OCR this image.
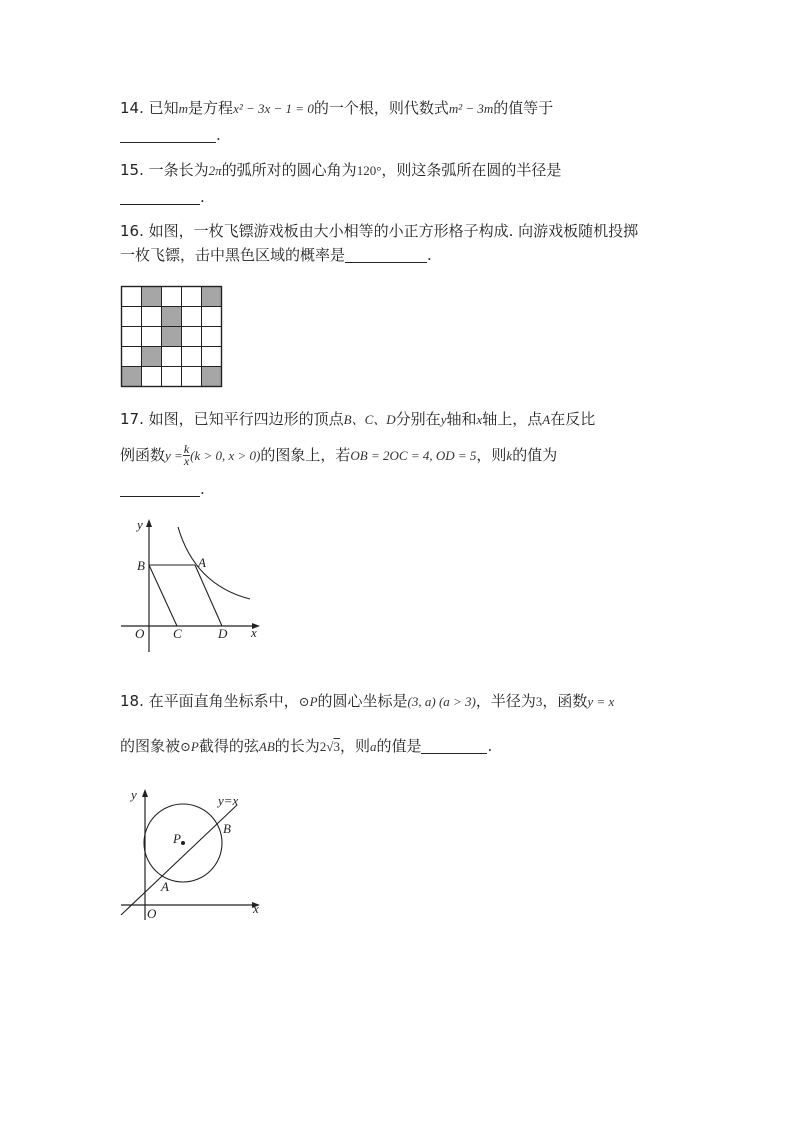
14. 已知m是方程x² − 3x − 1 = 0的一个根，则代数式m² − 3m的值等于
.
15. 一条长为2π的弧所对的圆心角为120°，则这条弧所在圆的半径是
.
16. 如图，一枚飞镖游戏板由大小相等的小正方形格子构成. 向游戏板随机投掷
一枚飞镖，击中黑色区域的概率是	.
17. 如图，已知平行四边形的顶点B、C、D分别在y轴和x轴上，点A在反比
例函数$y = \frac{k}{x} (k > 0$, x > 0)的图象上，若OB = 2OC = 4, OD = 5，则k的值为
.
y
B	A
O C	D x
18. 在平面直角坐标系中，⊙P的圆心坐标是(3, a) (a > 3)，半径为3，函数y = x
的图象被⊙P截得的弦AB的长为2√3，则a的值是	.
y	y=x
B
P
A
O	x
